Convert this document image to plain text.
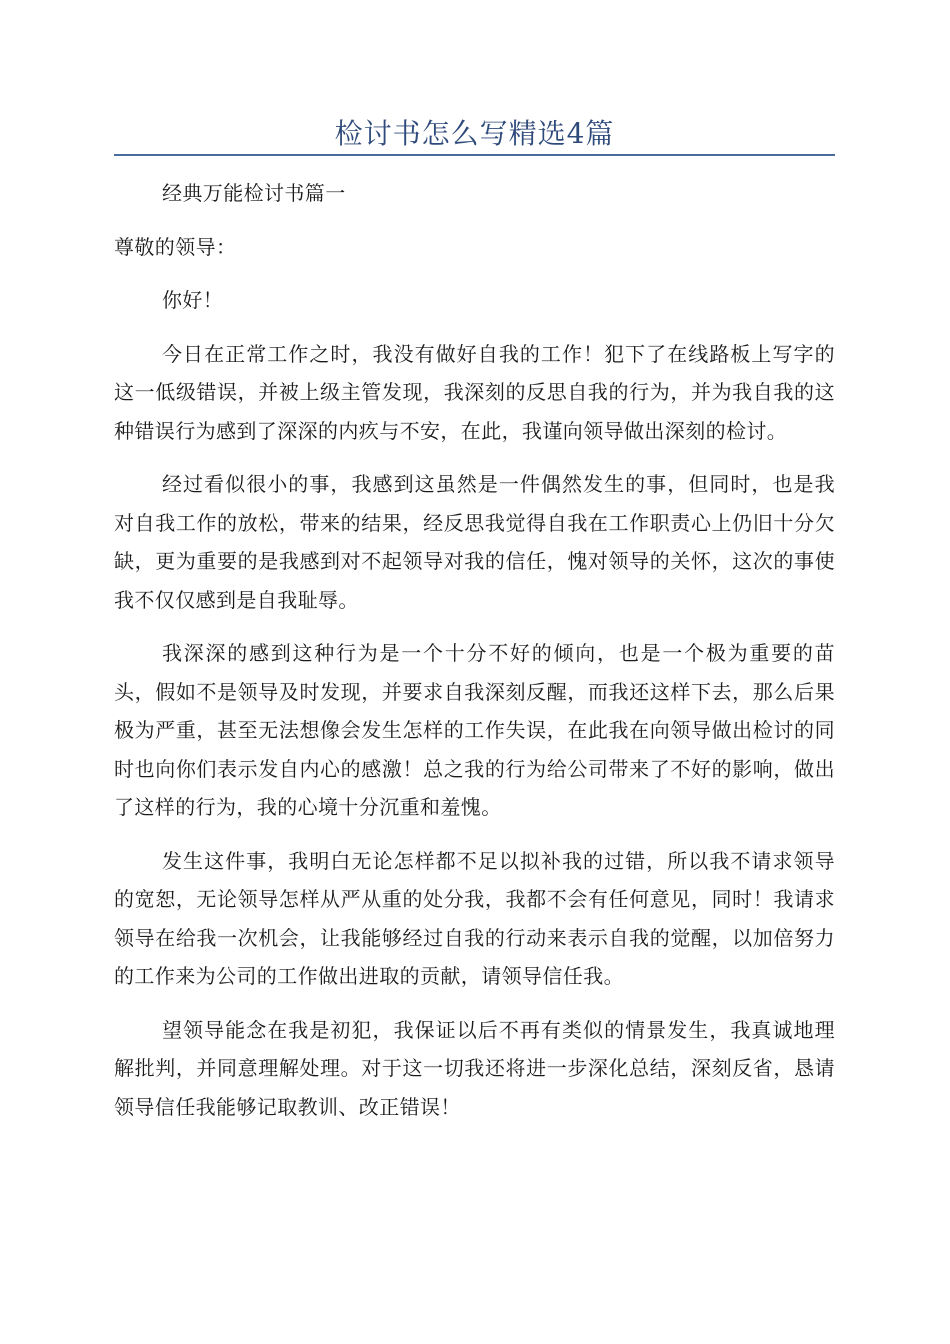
检讨书怎么写精选4篇

经典万能检讨书篇一

尊敬的领导：

你好！

今日在正常工作之时，我没有做好自我的工作！犯下了在线路板上写字的这一低级错误，并被上级主管发现，我深刻的反思自我的行为，并为我自我的这种错误行为感到了深深的内疚与不安，在此，我谨向领导做出深刻的检讨。

经过看似很小的事，我感到这虽然是一件偶然发生的事，但同时，也是我对自我工作的放松，带来的结果，经反思我觉得自我在工作职责心上仍旧十分欠缺，更为重要的是我感到对不起领导对我的信任，愧对领导的关怀，这次的事使我不仅仅感到是自我耻辱。

我深深的感到这种行为是一个十分不好的倾向，也是一个极为重要的苗头，假如不是领导及时发现，并要求自我深刻反醒，而我还这样下去，那么后果极为严重，甚至无法想像会发生怎样的工作失误，在此我在向领导做出检讨的同时也向你们表示发自内心的感激！总之我的行为给公司带来了不好的影响，做出了这样的行为，我的心境十分沉重和羞愧。

发生这件事，我明白无论怎样都不足以拟补我的过错，所以我不请求领导的宽恕，无论领导怎样从严从重的处分我，我都不会有任何意见，同时！我请求领导在给我一次机会，让我能够经过自我的行动来表示自我的觉醒，以加倍努力的工作来为公司的工作做出进取的贡献，请领导信任我。

望领导能念在我是初犯，我保证以后不再有类似的情景发生，我真诚地理解批判，并同意理解处理。对于这一切我还将进一步深化总结，深刻反省，恳请领导信任我能够记取教训、改正错误！
